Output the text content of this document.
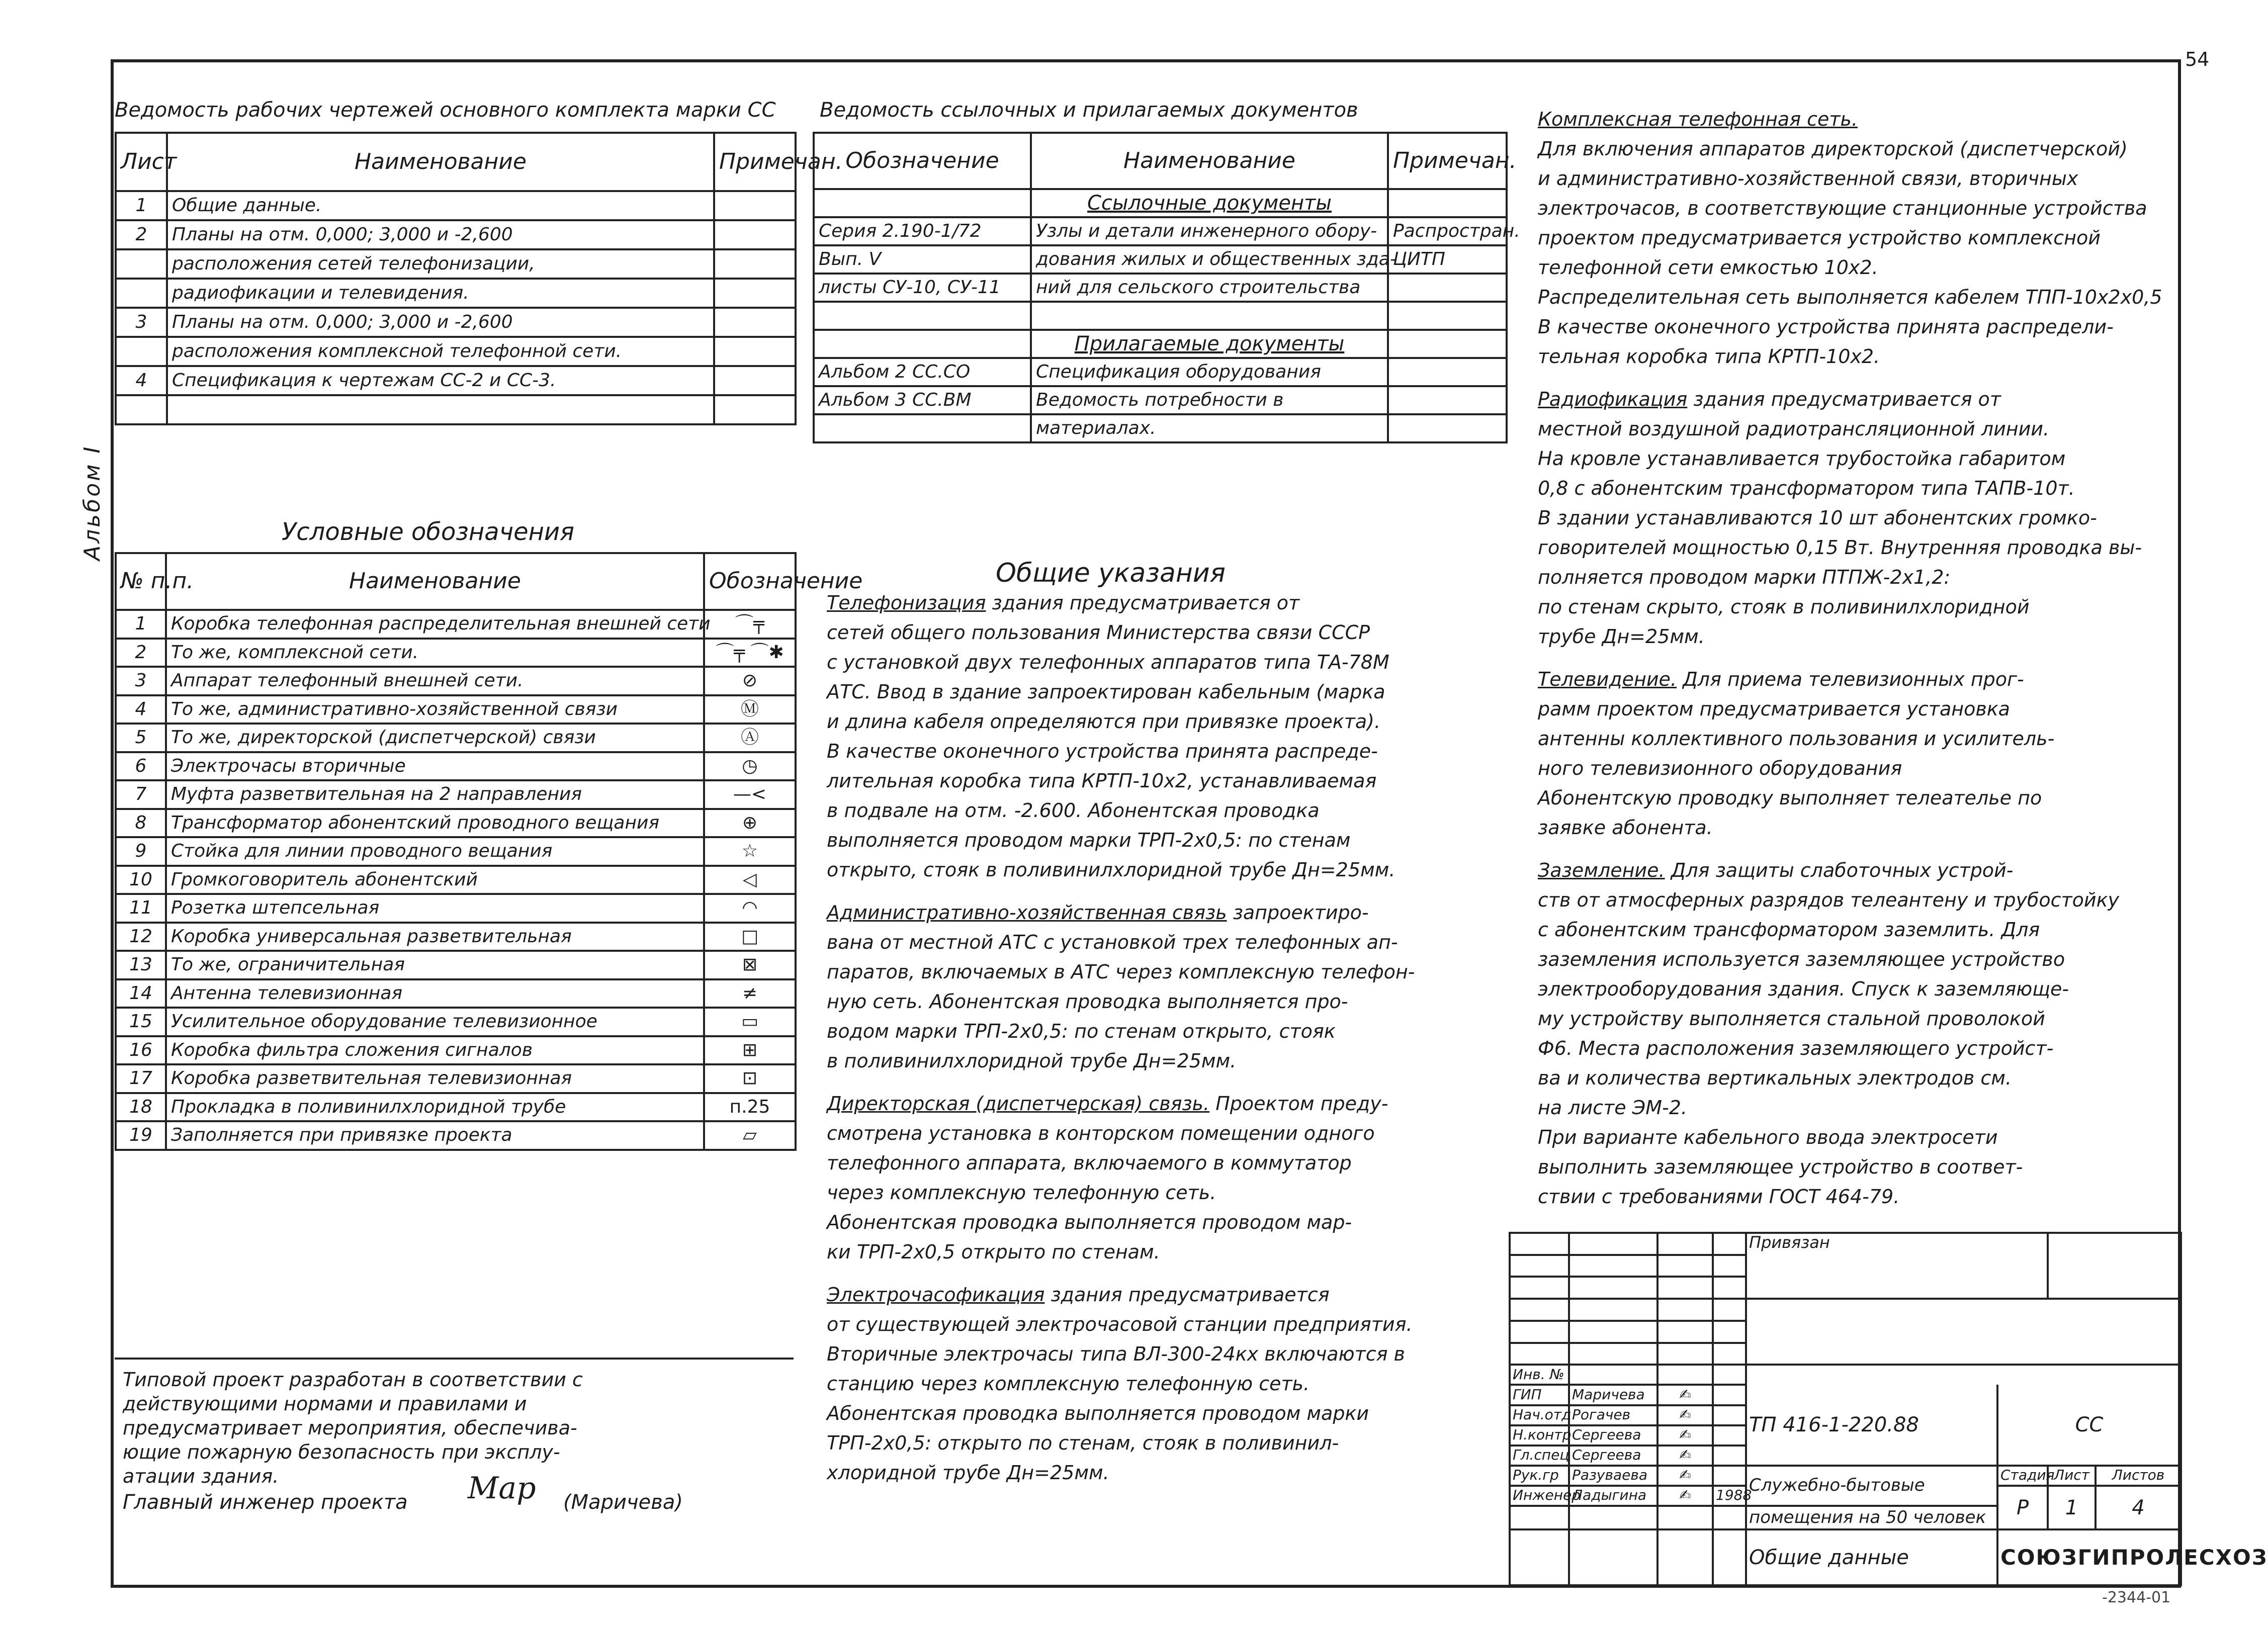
54
-2344-01
Альбом I
Ведомость рабочих чертежей основного комплекта марки СС
Лист	Наименование	Примечан.
1	Общие данные.	
2	Планы на отм. 0,000; 3,000 и -2,600	
	расположения сетей телефонизации,	
	радиофикации и телевидения.	
3	Планы на отм. 0,000; 3,000 и -2,600	
	расположения комплексной телефонной сети.	
4	Спецификация к чертежам СС-2 и СС-3.	

Ведомость ссылочных и прилагаемых документов
Обозначение	Наименование	Примечан.
	Ссылочные документы	
Серия 2.190-1/72	Узлы и детали инженерного обору-	Распростран.
Вып. V	дования жилых и общественных зда-	ЦИТП
листы СУ-10, СУ-11	ний для сельского строительства	

	Прилагаемые документы	
Альбом 2 СС.СО	Спецификация оборудования	
Альбом 3 СС.ВМ	Ведомость потребности в	
	материалах.	
Условные обозначения
№ п.п.	Наименование	Обозначение
1	Коробка телефонная распределительная внешней сети	⌒╤
2	То же, комплексной сети.	⌒╤ ⌒✱
3	Аппарат телефонный внешней сети.	⊘
4	То же, административно-хозяйственной связи	Ⓜ
5	То же, директорской (диспетчерской) связи	Ⓐ
6	Электрочасы вторичные	◷
7	Муфта разветвительная на 2 направления	—<
8	Трансформатор абонентский проводного вещания	⊕
9	Стойка для линии проводного вещания	☆
10	Громкоговоритель абонентский	◁
11	Розетка штепсельная	◠
12	Коробка универсальная разветвительная	□
13	То же, ограничительная	⊠
14	Антенна телевизионная	≠
15	Усилительное оборудование телевизионное	▭
16	Коробка фильтра сложения сигналов	⊞
17	Коробка разветвительная телевизионная	⊡
18	Прокладка в поливинилхлоридной трубе	п.25
19	Заполняется при привязке проекта	▱
Общие указания
Телефонизация здания предусматривается от
сетей общего пользования Министерства связи СССР
с установкой двух телефонных аппаратов типа ТА-78М
АТС. Ввод в здание запроектирован кабельным (марка
и длина кабеля определяются при привязке проекта).
В качестве оконечного устройства принята распреде-
лительная коробка типа КРТП-10х2, устанавливаемая
в подвале на отм. -2.600. Абонентская проводка
выполняется проводом марки ТРП-2х0,5: по стенам
открыто, стояк в поливинилхлоридной трубе Дн=25мм.
Административно-хозяйственная связь запроектиро-
вана от местной АТС с установкой трех телефонных ап-
паратов, включаемых в АТС через комплексную телефон-
ную сеть. Абонентская проводка выполняется про-
водом марки ТРП-2х0,5: по стенам открыто, стояк
в поливинилхлоридной трубе Дн=25мм.
Директорская (диспетчерская) связь. Проектом преду-
смотрена установка в конторском помещении одного
телефонного аппарата, включаемого в коммутатор
через комплексную телефонную сеть.
Абонентская проводка выполняется проводом мар-
ки ТРП-2х0,5 открыто по стенам.
Электрочасофикация здания предусматривается
от существующей электрочасовой станции предприятия.
Вторичные электрочасы типа ВЛ-300-24кх включаются в
станцию через комплексную телефонную сеть.
Абонентская проводка выполняется проводом марки
ТРП-2х0,5: открыто по стенам, стояк в поливинил-
хлоридной трубе Дн=25мм.
Комплексная телефонная сеть.
Для включения аппаратов директорской (диспетчерской)
и административно-хозяйственной связи, вторичных
электрочасов, в соответствующие станционные устройства
проектом предусматривается устройство комплексной
телефонной сети емкостью 10х2.
Распределительная сеть выполняется кабелем ТПП-10х2х0,5
В качестве оконечного устройства принята распредели-
тельная коробка типа КРТП-10х2.
Радиофикация здания предусматривается от
местной воздушной радиотрансляционной линии.
На кровле устанавливается трубостойка габаритом
0,8 с абонентским трансформатором типа ТАПВ-10т.
В здании устанавливаются 10 шт абонентских громко-
говорителей мощностью 0,15 Вт. Внутренняя проводка вы-
полняется проводом марки ПТПЖ-2х1,2:
по стенам скрыто, стояк в поливинилхлоридной
трубе Дн=25мм.
Телевидение. Для приема телевизионных прог-
рамм проектом предусматривается установка
антенны коллективного пользования и усилитель-
ного телевизионного оборудования
Абонентскую проводку выполняет телеателье по
заявке абонента.
Заземление. Для защиты слаботочных устрой-
ств от атмосферных разрядов телеантену и трубостойку
с абонентским трансформатором заземлить. Для
заземления используется заземляющее устройство
электрооборудования здания. Спуск к заземляюще-
му устройству выполняется стальной проволокой
Ф6. Места расположения заземляющего устройст-
ва и количества вертикальных электродов см.
на листе ЭМ-2.
При варианте кабельного ввода электросети
выполнить заземляющее устройство в соответ-
ствии с требованиями ГОСТ 464-79.
Типовой проект разработан в соответствии с
действующими нормами и правилами и
предусматривает мероприятия, обеспечива-
ющие пожарную безопасность при эксплу-
атации здания.
Главный инженер проекта Мар (Маричева)
				Привязан			

Инв. №							
ГИП	Маричева	✍		ТП 416-1-220.88	СС		
Нач.отд	Рогачев	✍					
Н.контр	Сергеева	✍					
Гл.спец	Сергеева	✍					
Рук.гр	Разуваева	✍		Служебно-бытовые	Стадия	Лист	Листов
Инженер	Ладыгина	✍	1988		Р	1	4
				помещения на 50 человек			
				Общие данные	СОЮЗГИПРОЛЕСХОЗ		
